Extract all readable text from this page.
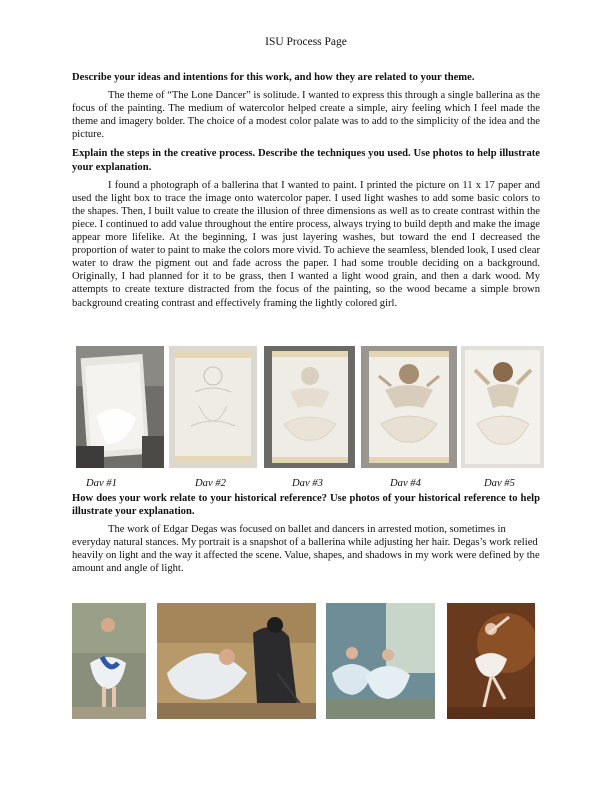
ISU Process Page

Describe your ideas and intentions for this work, and how they are related to your theme.

The theme of “The Lone Dancer” is solitude. I wanted to express this through a single ballerina as the focus of the painting. The medium of watercolor helped create a simple, airy feeling which I feel made the theme and imagery bolder. The choice of a modest color palate was to add to the simplicity of the idea and the picture.

Explain the steps in the creative process. Describe the techniques you used. Use photos to help illustrate your explanation.

I found a photograph of a ballerina that I wanted to paint. I printed the picture on 11 x 17 paper and used the light box to trace the image onto watercolor paper. I used light washes to add some basic colors to the shapes. Then, I built value to create the illusion of three dimensions as well as to create contrast within the piece. I continued to add value throughout the entire process, always trying to build depth and make the image appear more lifelike. At the beginning, I was just layering washes, but toward the end I decreased the proportion of water to paint to make the colors more vivid. To achieve the seamless, blended look, I used clear water to draw the pigment out and fade across the paper. I had some trouble deciding on a background. Originally, I had planned for it to be grass, then I wanted a light wood grain, and then a dark wood. My attempts to create texture distracted from the focus of the painting, so the wood became a simple brown background creating contrast and effectively framing the lightly colored girl.

Dav #1	Dav #2	Dav #3	Dav #4	Dav #5

How does your work relate to your historical reference? Use photos of your historical reference to help illustrate your explanation.

The work of Edgar Degas was focused on ballet and dancers in arrested motion, sometimes in everyday natural stances. My portrait is a snapshot of a ballerina while adjusting her hair. Degas’s work relied heavily on light and the way it affected the scene. Value, shapes, and shadows in my work were defined by the amount and angle of light.
